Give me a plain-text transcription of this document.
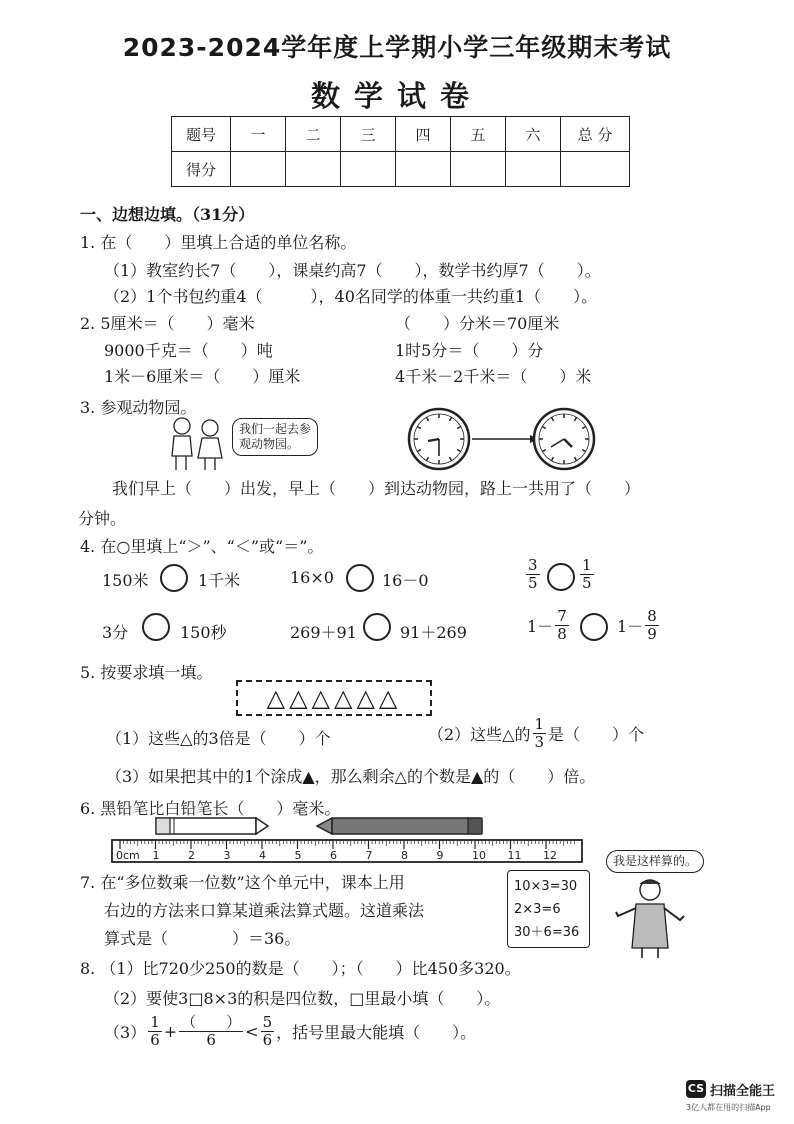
2023-2024学年度上学期小学三年级期末考试
数学试卷
题号	一	二	三	四	五	六	总 分
得分							
一、边想边填。（31分）
1. 在（　　）里填上合适的单位名称。
（1）教室约长7（　　），课桌约高7（　　），数学书约厚7（　　）。
（2）1个书包约重4（　　　），40名同学的体重一共约重1（　　）。
2. 5厘米＝（　　）毫米	（　　）分米＝70厘米
9000千克＝（　　）吨	1时5分＝（　　）分
1米－6厘米＝（　　）厘米	4千米－2千米＝（　　）米
3. 参观动物园。
我们一起去参
观动物园。
我们早上（　　）出发，早上（　　）到达动物园，路上一共用了（　　）
分钟。
4. 在○里填上“＞”、“＜”或“＝”。
150米	1千米	16×0	16－0	$\frac{3}{5}$	$\frac{1}{5}$
3分	150秒	269＋91	91＋269	$1- \frac{7}{8}$	$1- \frac{8}{9}$
5. 按要求填一填。
△△△△△△
（1）这些△的3倍是（　　）个	（2）这些△的 $\frac{1}{3}$ 是（　　）个
（3）如果把其中的1个涂成▲，那么剩余△的个数是▲的（　　）倍。
6. 黑铅笔比白铅笔长（　　）毫米。
0cm 1	2	3	4	5	6	7	8	9	10 11 12
7. 在“多位数乘一位数”这个单元中，课本上用
右边的方法来口算某道乘法算式题。这道乘法
算式是（　　　　）＝36。
10×3=30
2×3=6
30＋6=36
我是这样算的。
8. （1）比720少250的数是（　　）；（　　）比450多320。
（2）要使3□8×3的积是四位数，□里最小填（　　）。
$(3) \frac{1}{6} + \frac{( )}{6} < \frac{5}{6}$ ，括号里最大能填（　　）。
CS 扫描全能王
3亿人都在用的扫描App
